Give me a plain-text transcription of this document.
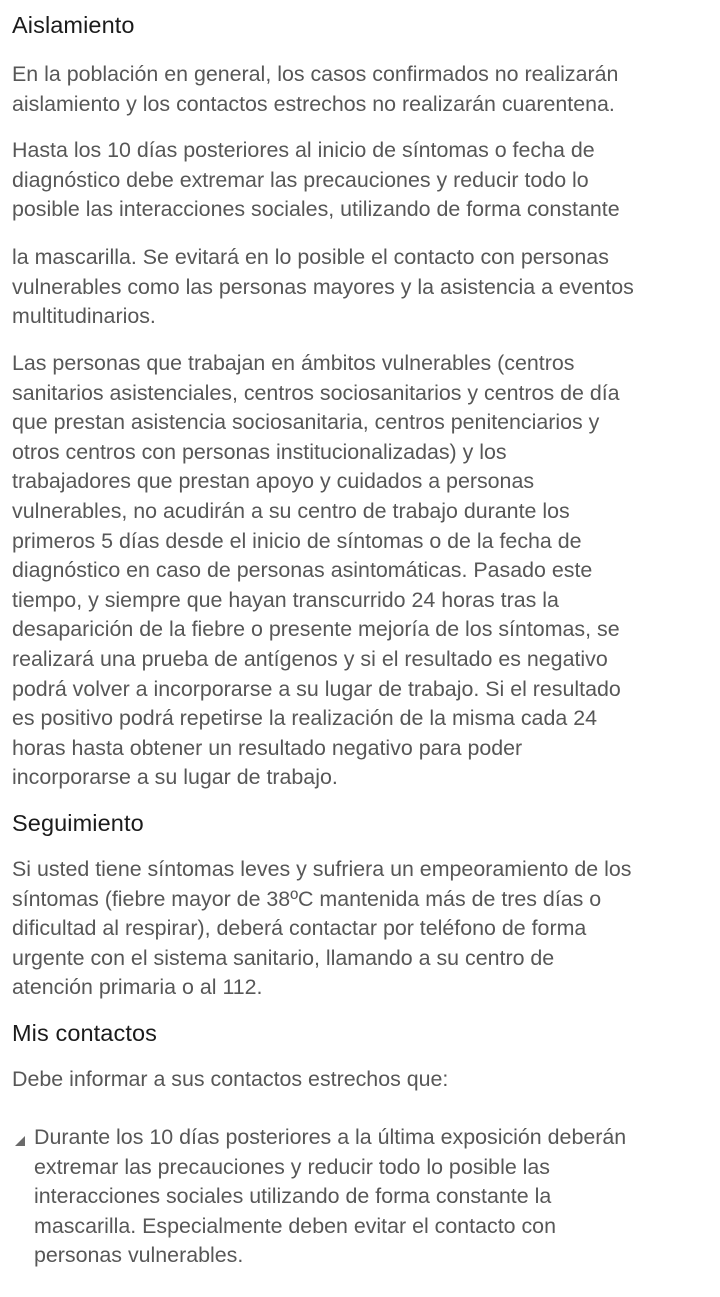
Aislamiento

En la población en general, los casos confirmados no realizarán
aislamiento y los contactos estrechos no realizarán cuarentena.

Hasta los 10 días posteriores al inicio de síntomas o fecha de
diagnóstico debe extremar las precauciones y reducir todo lo
posible las interacciones sociales, utilizando de forma constante

la mascarilla. Se evitará en lo posible el contacto con personas
vulnerables como las personas mayores y la asistencia a eventos
multitudinarios.

Las personas que trabajan en ámbitos vulnerables (centros
sanitarios asistenciales, centros sociosanitarios y centros de día
que prestan asistencia sociosanitaria, centros penitenciarios y
otros centros con personas institucionalizadas) y los
trabajadores que prestan apoyo y cuidados a personas
vulnerables, no acudirán a su centro de trabajo durante los
primeros 5 días desde el inicio de síntomas o de la fecha de
diagnóstico en caso de personas asintomáticas. Pasado este
tiempo, y siempre que hayan transcurrido 24 horas tras la
desaparición de la fiebre o presente mejoría de los síntomas, se
realizará una prueba de antígenos y si el resultado es negativo
podrá volver a incorporarse a su lugar de trabajo. Si el resultado
es positivo podrá repetirse la realización de la misma cada 24
horas hasta obtener un resultado negativo para poder
incorporarse a su lugar de trabajo.

Seguimiento

Si usted tiene síntomas leves y sufriera un empeoramiento de los
síntomas (fiebre mayor de 38ºC mantenida más de tres días o
dificultad al respirar), deberá contactar por teléfono de forma
urgente con el sistema sanitario, llamando a su centro de
atención primaria o al 112.

Mis contactos

Debe informar a sus contactos estrechos que:

Durante los 10 días posteriores a la última exposición deberán
extremar las precauciones y reducir todo lo posible las
interacciones sociales utilizando de forma constante la
mascarilla. Especialmente deben evitar el contacto con
personas vulnerables.
